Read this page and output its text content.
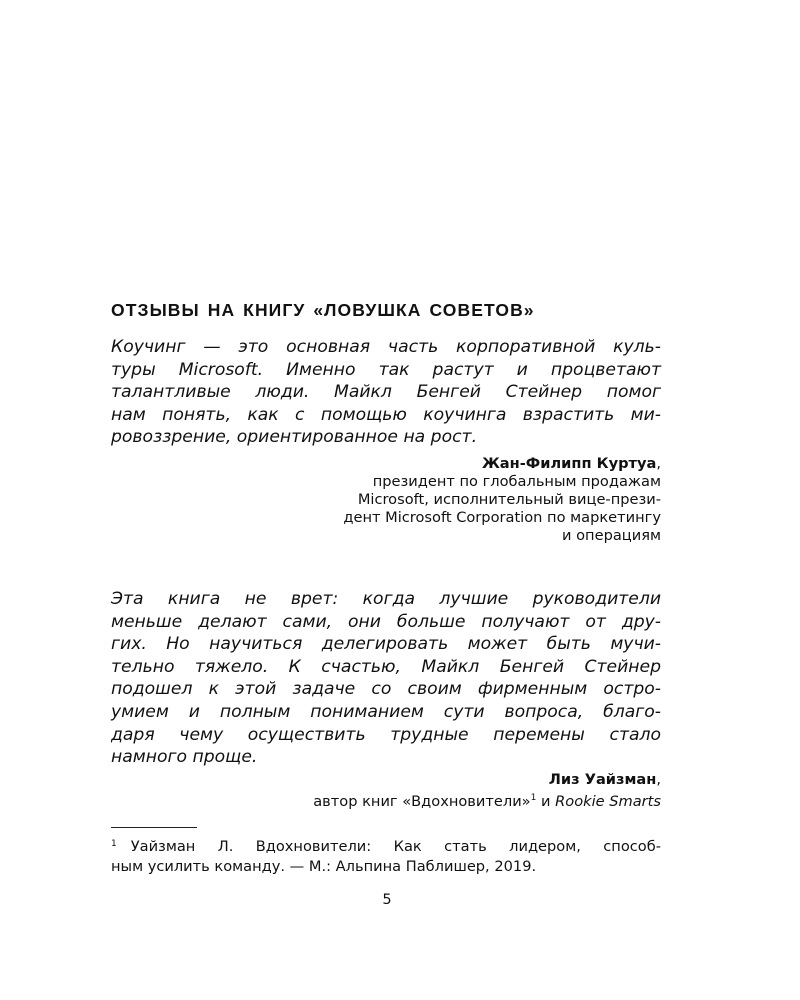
ОТЗЫВЫ НА КНИГУ «ЛОВУШКА СОВЕТОВ»
Коучинг — это основная часть корпоративной куль-
туры Microsoft. Именно так растут и процветают
талантливые люди. Майкл Бенгей Стейнер помог
нам понять, как с помощью коучинга взрастить ми-
ровоззрение, ориентированное на рост.
Жан-Филипп Куртуа,
президент по глобальным продажам
Microsoft, исполнительный вице-прези-
дент Microsoft Corporation по маркетингу
и операциям
Эта книга не врет: когда лучшие руководители
меньше делают сами, они больше получают от дру-
гих. Но научиться делегировать может быть мучи-
тельно тяжело. К счастью, Майкл Бенгей Стейнер
подошел к этой задаче со своим фирменным остро-
умием и полным пониманием сути вопроса, благо-
даря чему осуществить трудные перемены стало
намного проще.
Лиз Уайзман,
автор книг «Вдохновители»$^1$ и Rookie Smarts
$^1$ Уайзман Л. Вдохновители: Как стать лидером, способ-
ным усилить команду. — М.: Альпина Паблишер, 2019.
5
